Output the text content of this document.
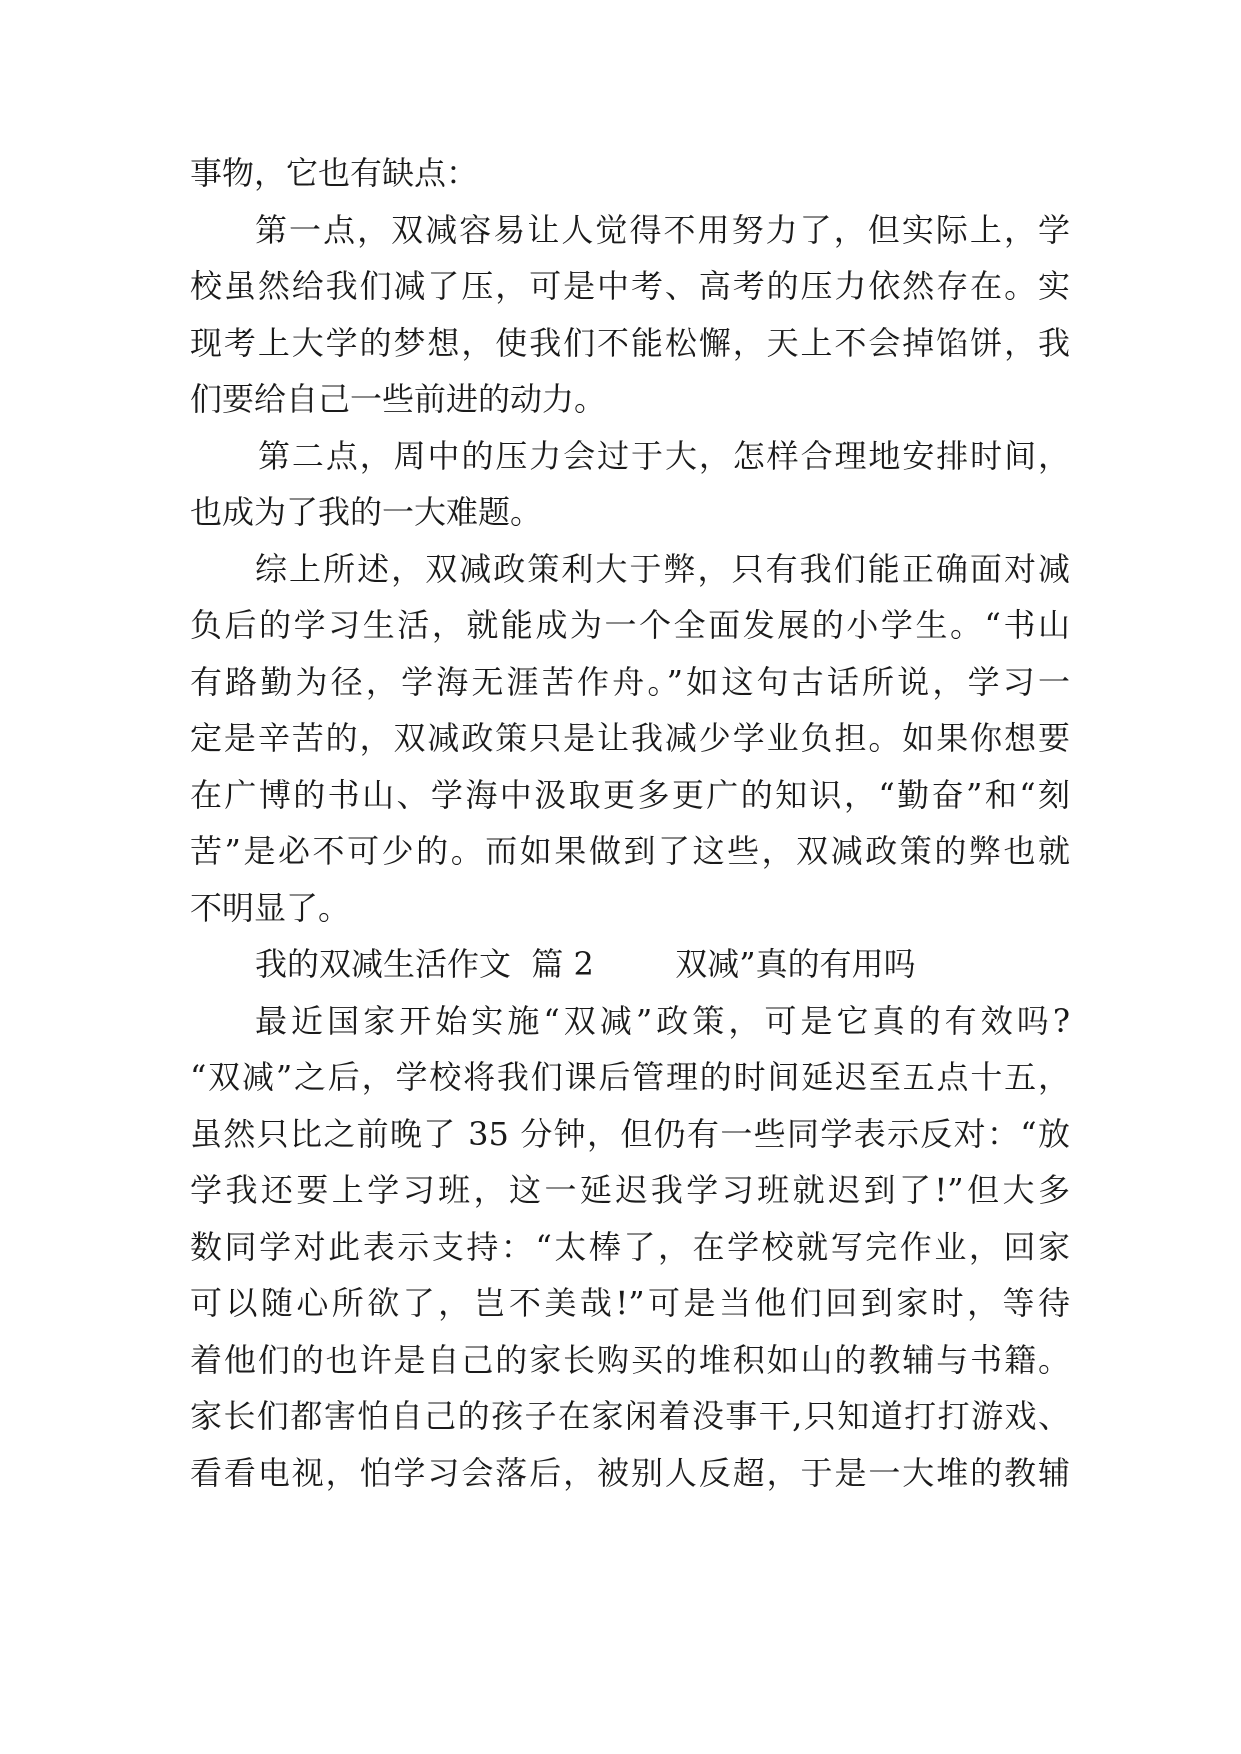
事物，它也有缺点：
第一点，双减容易让人觉得不用努力了，但实际上，学
校虽然给我们减了压，可是中考、高考的压力依然存在。实
现考上大学的梦想，使我们不能松懈，天上不会掉馅饼，我
们要给自己一些前进的动力。
第二点，周中的压力会过于大，怎样合理地安排时间，
也成为了我的一大难题。
综上所述，双减政策利大于弊，只有我们能正确面对减
负后的学习生活，就能成为一个全面发展的小学生。“书山
有路勤为径，学海无涯苦作舟。”如这句古话所说，学习一
定是辛苦的，双减政策只是让我减少学业负担。如果你想要
在广博的书山、学海中汲取更多更广的知识，“勤奋”和“刻
苦”是必不可少的。而如果做到了这些，双减政策的弊也就
不明显了。
我的双减生活作文  篇 2        双减”真的有用吗
最近国家开始实施“双减”政策，可是它真的有效吗?
“双减”之后，学校将我们课后管理的时间延迟至五点十五，
虽然只比之前晚了 35 分钟，但仍有一些同学表示反对：“放
学我还要上学习班，这一延迟我学习班就迟到了!”但大多
数同学对此表示支持：“太棒了，在学校就写完作业，回家
可以随心所欲了，岂不美哉!”可是当他们回到家时，等待
着他们的也许是自己的家长购买的堆积如山的教辅与书籍。
家长们都害怕自己的孩子在家闲着没事干,只知道打打游戏、
看看电视，怕学习会落后，被别人反超，于是一大堆的教辅
